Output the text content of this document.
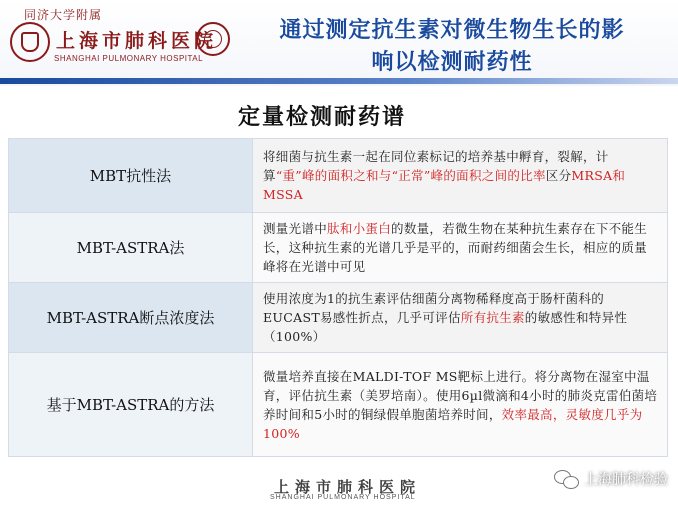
同济大学附属
上海市肺科医院
SHANGHAI PULMONARY HOSPITAL
通过测定抗生素对微生物生长的影
响以检测耐药性
定量检测耐药谱
MBT抗性法	将细菌与抗生素一起在同位素标记的培养基中孵育，裂解，计算“重”峰的面积之和与“正常”峰的面积之间的比率区分MRSA和MSSA
MBT-ASTRA法	测量光谱中肽和小蛋白的数量，若微生物在某种抗生素存在下不能生长，这种抗生素的光谱几乎是平的，而耐药细菌会生长，相应的质量峰将在光谱中可见
MBT-ASTRA断点浓度法	使用浓度为1的抗生素评估细菌分离物稀释度高于肠杆菌科的EUCAST易感性折点，几乎可评估所有抗生素的敏感性和特异性（100%）
基于MBT-ASTRA的方法	微量培养直接在MALDI-TOF MS靶标上进行。将分离物在湿室中温育，评估抗生素（美罗培南）。使用6µl微滴和4小时的肺炎克雷伯菌培养时间和5小时的铜绿假单胞菌培养时间，效率最高，灵敏度几乎为100%
上海市肺科医院
SHANGHAI PULMONARY HOSPITAL
上海肺科检验
